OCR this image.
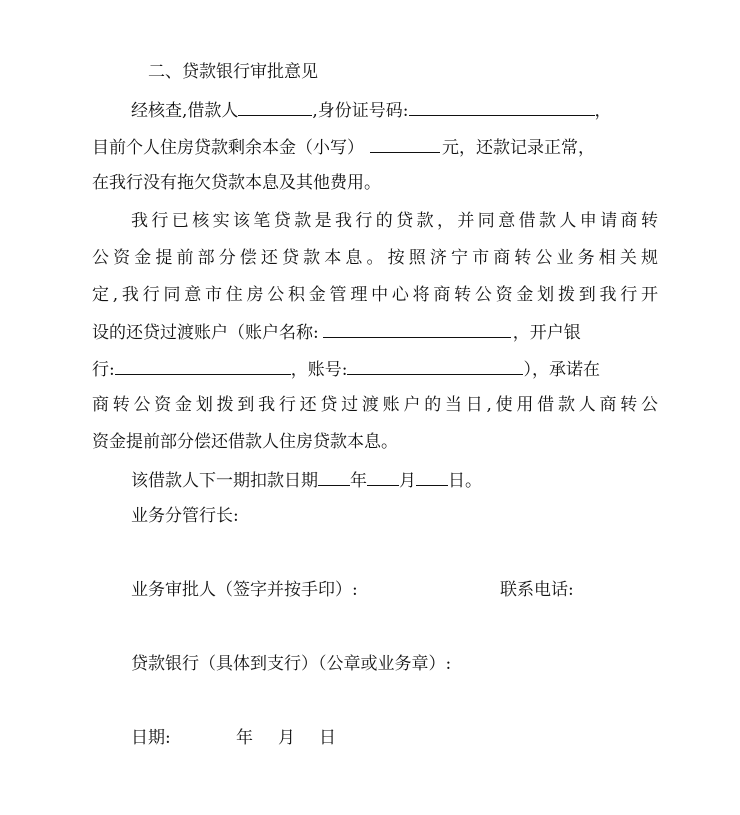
二、贷款银行审批意见
经核查,借款人	,身份证号码:	，
目前个人住房贷款剩余本金（小写）	元，还款记录正常，
在我行没有拖欠贷款本息及其他费用。
我行已核实该笔贷款是我行的贷款，并同意借款人申请商转
公资金提前部分偿还贷款本息。按照济宁市商转公业务相关规
定,我行同意市住房公积金管理中心将商转公资金划拨到我行开
设的还贷过渡账户（账户名称:	，开户银
行:	，账号:	），承诺在
商转公资金划拨到我行还贷过渡账户的当日,使用借款人商转公
资金提前部分偿还借款人住房贷款本息。
该借款人下一期扣款日期 年 月 日。
业务分管行长:
业务审批人（签字并按手印）:	联系电话:
贷款银行（具体到支行）（公章或业务章）:
日期:	年	月	日
